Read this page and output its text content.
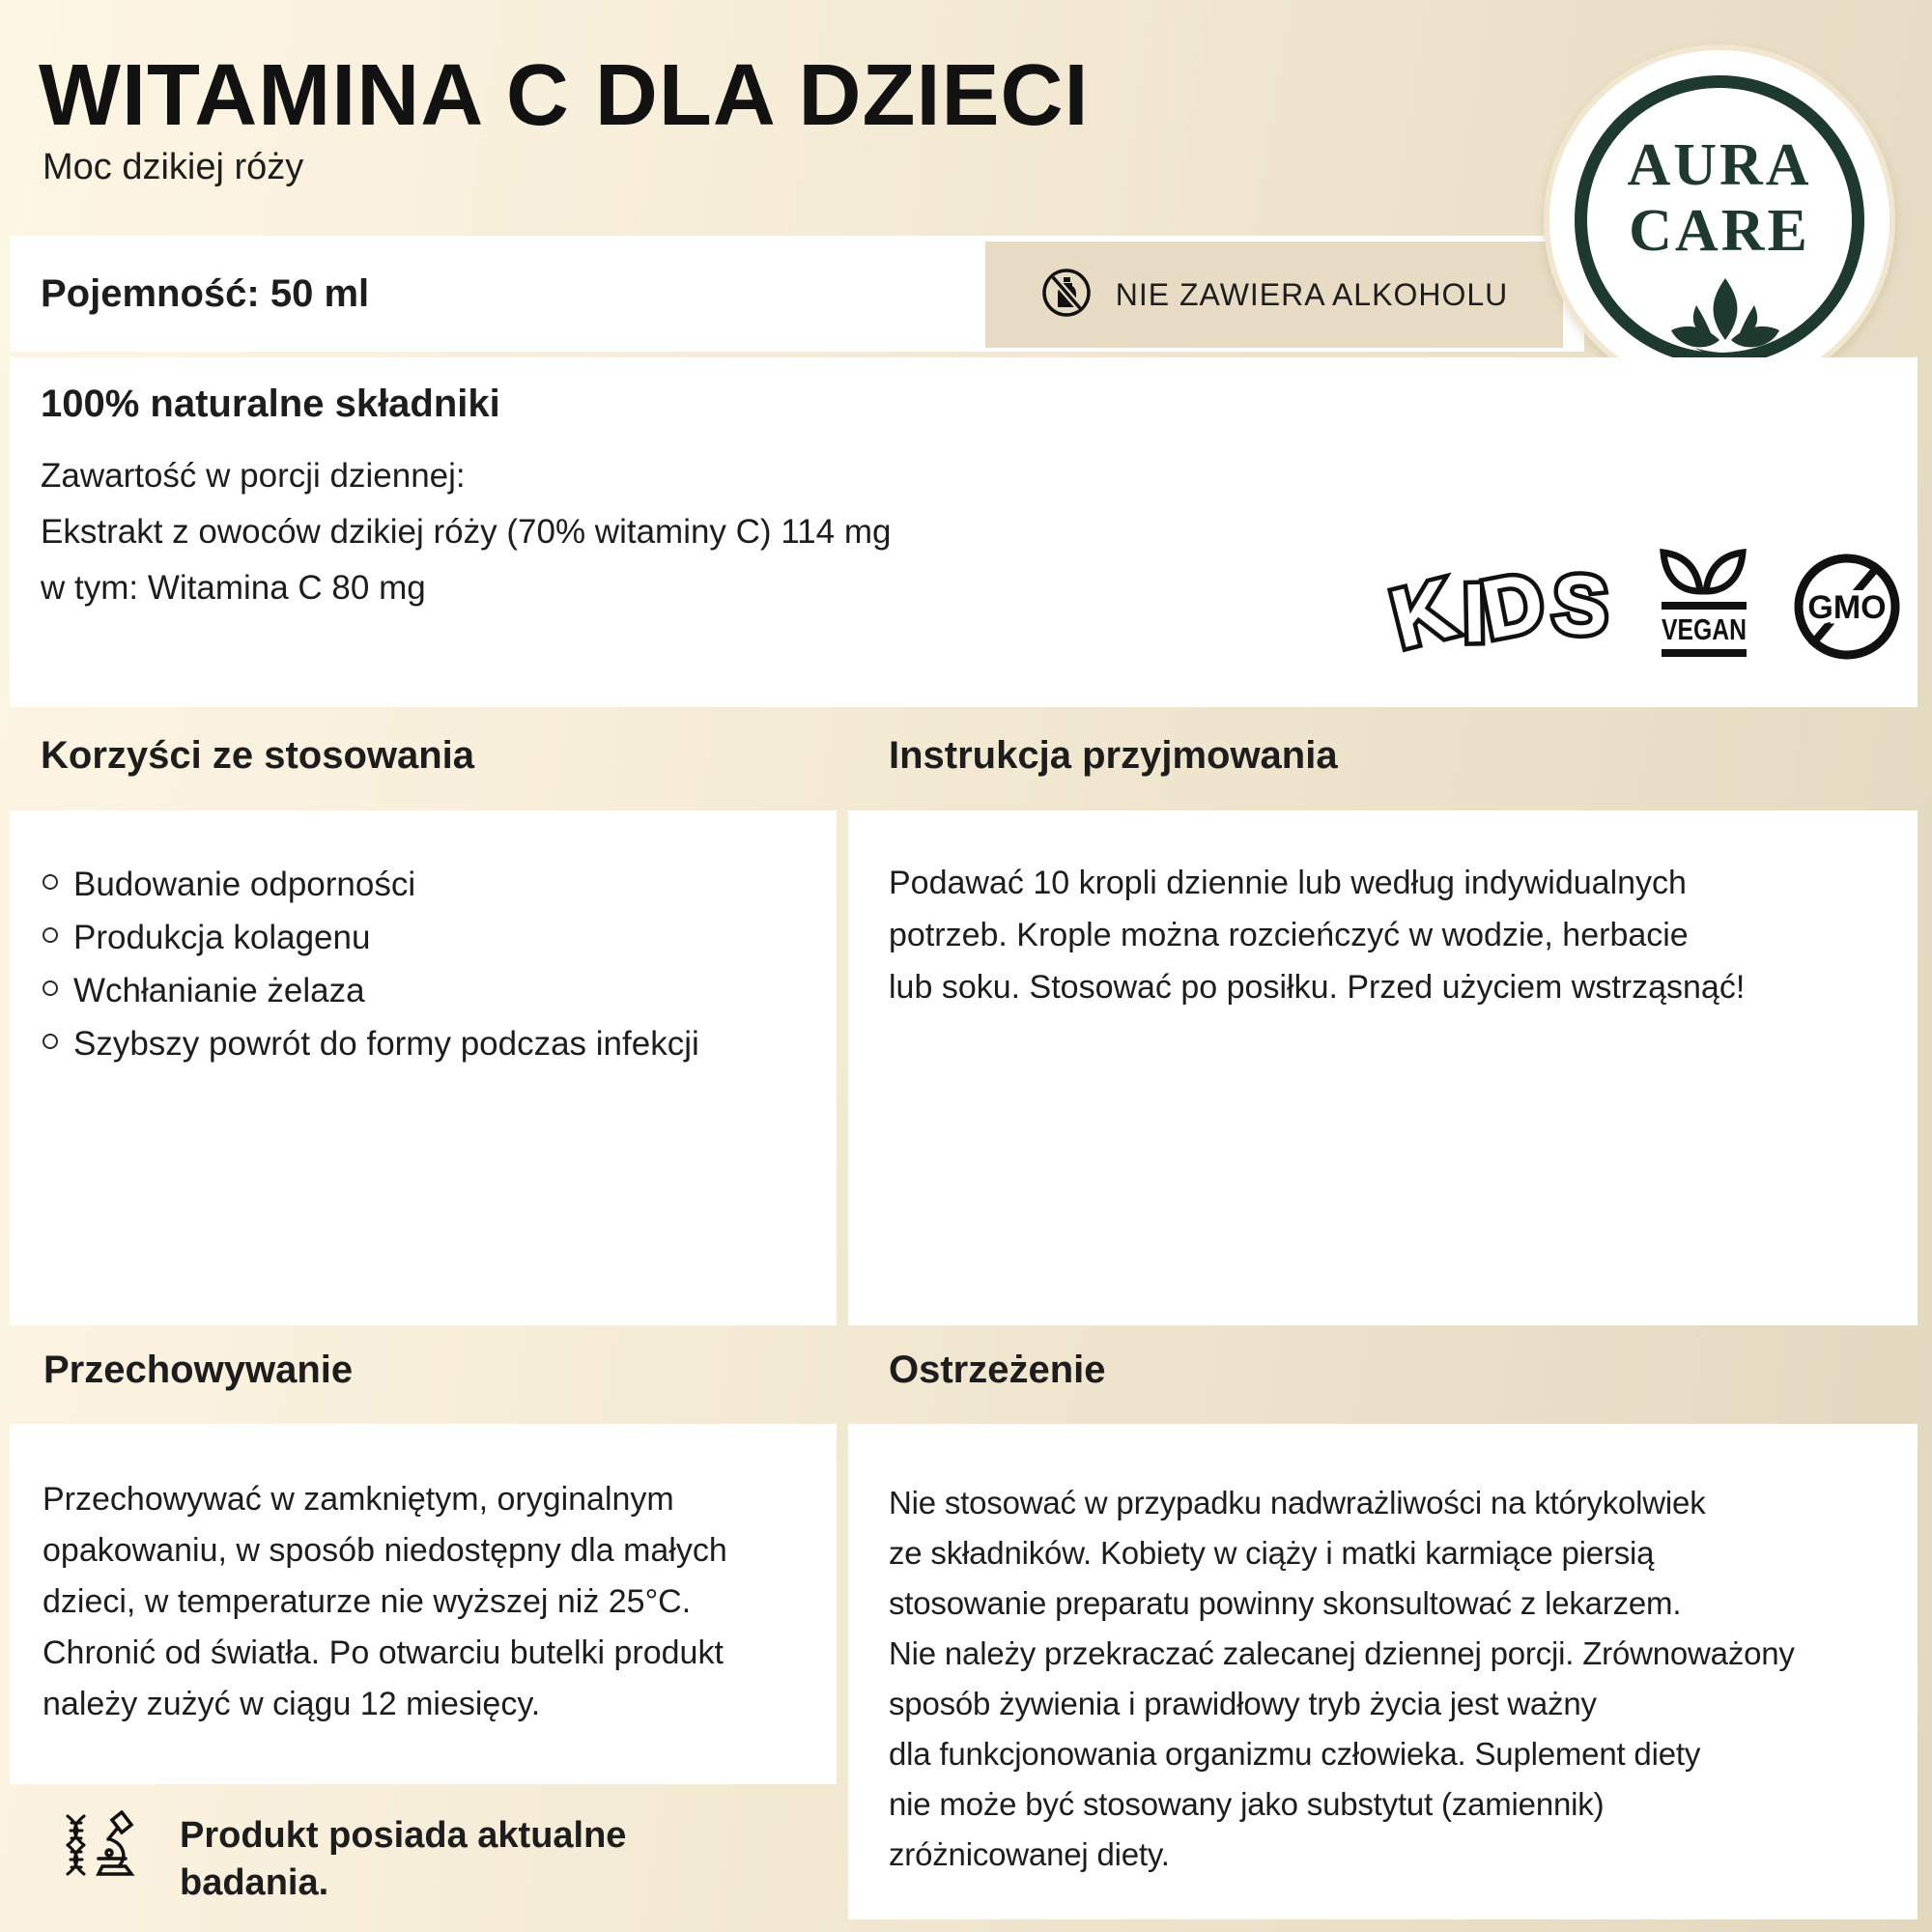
WITAMINA C DLA DZIECI
Moc dzikiej róży
Pojemność: 50 ml	NIE ZAWIERA ALKOHOLU
AURA
CARE
100% naturalne składniki
Zawartość w porcji dziennej:
Ekstrakt z owoców dzikiej róży (70% witaminy C) 114 mg
w tym: Witamina C 80 mg	KIDS	VEGAN
GMO
Korzyści ze stosowania	Instrukcja przyjmowania
Budowanie odporności
Produkcja kolagenu
Wchłanianie żelaza
Szybszy powrót do formy podczas infekcji
Podawać 10 kropli dziennie lub według indywidualnych
potrzeb. Krople można rozcieńczyć w wodzie, herbacie
lub soku. Stosować po posiłku. Przed użyciem wstrząsnąć!
Przechowywanie	Ostrzeżenie
Przechowywać w zamkniętym, oryginalnym
opakowaniu, w sposób niedostępny dla małych
dzieci, w temperaturze nie wyższej niż 25°C.
Chronić od światła. Po otwarciu butelki produkt
należy zużyć w ciągu 12 miesięcy.
Nie stosować w przypadku nadwrażliwości na którykolwiek
ze składników. Kobiety w ciąży i matki karmiące piersią
stosowanie preparatu powinny skonsultować z lekarzem.
Nie należy przekraczać zalecanej dziennej porcji. Zrównoważony
sposób żywienia i prawidłowy tryb życia jest ważny
dla funkcjonowania organizmu człowieka. Suplement diety
nie może być stosowany jako substytut (zamiennik)
zróżnicowanej diety.
Produkt posiada aktualne
badania.
